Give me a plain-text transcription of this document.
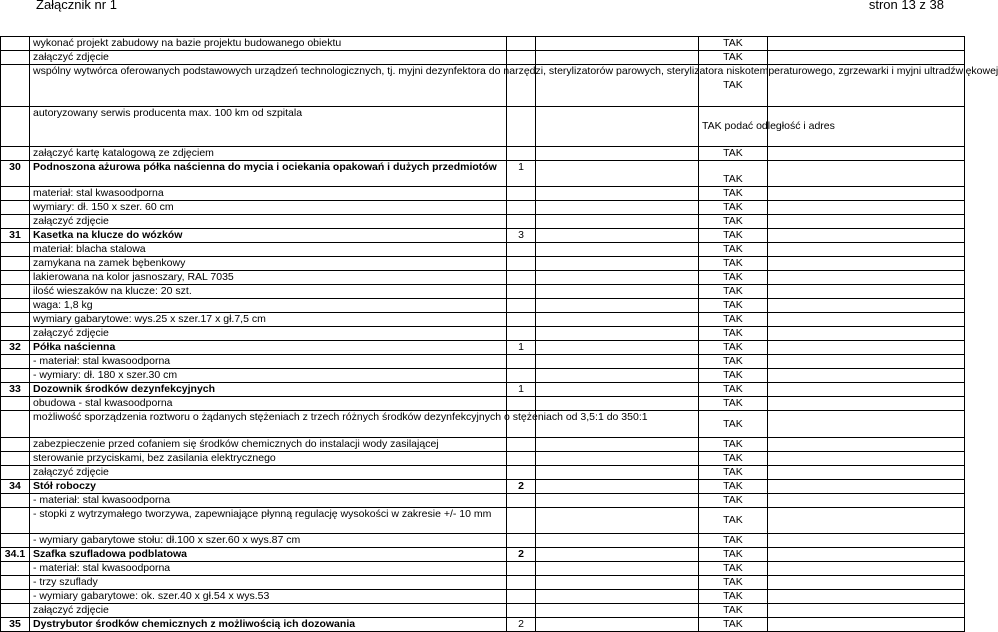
Załącznik nr 1	stron 13 z 38
	wykonać projekt zabudowy na bazie projektu budowanego obiektu			TAK	
	załączyć zdjęcie			TAK	
	wspólny wytwórca oferowanych podstawowych urządzeń technologicznych, tj. myjni dezynfektora do narzędzi, sterylizatorów parowych, sterylizatora niskotemperaturowego, zgrzewarki i myjni ultradźwiękowej			TAK	
	autoryzowany serwis producenta max. 100 km od szpitala			TAK podać odległość i adres	
	załączyć kartę katalogową ze zdjęciem			TAK	
30	Podnoszona ażurowa półka naścienna do mycia i ociekania opakowań i dużych przedmiotów	1		TAK	
	materiał: stal kwasoodporna			TAK	
	wymiary: dł. 150 x szer. 60 cm			TAK	
	załączyć zdjęcie			TAK	
31	Kasetka na klucze do wózków	3		TAK	
	materiał: blacha stalowa			TAK	
	zamykana na zamek bębenkowy			TAK	
	lakierowana na kolor jasnoszary, RAL 7035			TAK	
	ilość wieszaków na klucze: 20 szt.			TAK	
	waga: 1,8 kg			TAK	
	wymiary gabarytowe: wys.25 x szer.17 x gł.7,5 cm			TAK	
	załączyć zdjęcie			TAK	
32	Półka naścienna	1		TAK	
	- materiał: stal kwasoodporna			TAK	
	- wymiary: dł. 180 x szer.30 cm			TAK	
33	Dozownik środków dezynfekcyjnych	1		TAK	
	obudowa - stal kwasoodporna			TAK	
	możliwość sporządzenia roztworu o żądanych stężeniach z trzech różnych środków dezynfekcyjnych o stężeniach od 3,5:1 do 350:1			TAK	
	zabezpieczenie przed cofaniem się środków chemicznych do instalacji wody zasilającej			TAK	
	sterowanie przyciskami, bez zasilania elektrycznego			TAK	
	załączyć zdjęcie			TAK	
34	Stół roboczy	2		TAK	
	- materiał: stal kwasoodporna			TAK	
	- stopki z wytrzymałego tworzywa, zapewniające płynną regulację wysokości w zakresie +/- 10 mm			TAK	
	- wymiary gabarytowe stołu: dł.100 x szer.60 x wys.87 cm			TAK	
34.1	Szafka szufladowa podblatowa	2		TAK	
	- materiał: stal kwasoodporna			TAK	
	- trzy szuflady			TAK	
	- wymiary gabarytowe: ok. szer.40 x gł.54 x wys.53			TAK	
	załączyć zdjęcie			TAK	
35	Dystrybutor środków chemicznych z możliwością ich dozowania	2		TAK	
